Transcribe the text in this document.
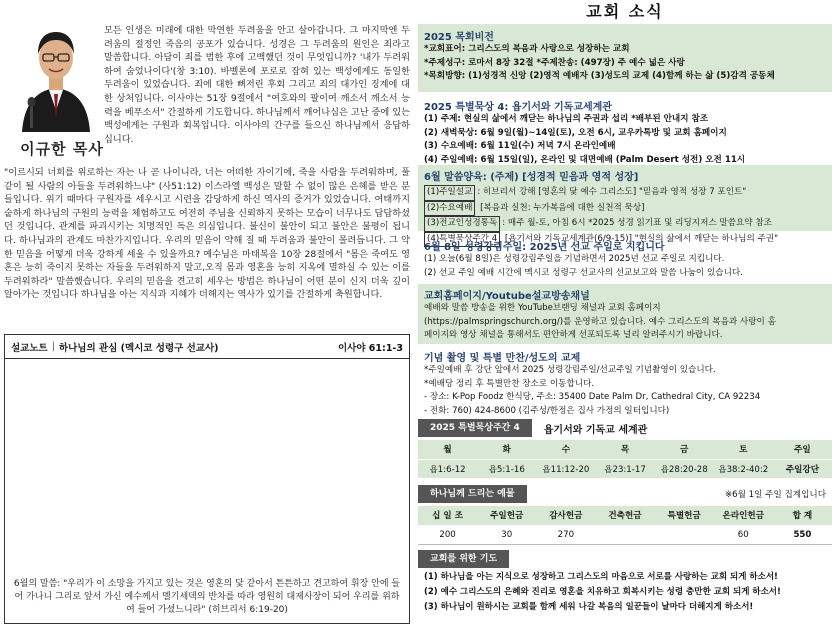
이규한 목사
모든 인생은 미래에 대한 막연한 두려움을 안고 살아갑니다. 그 마지막엔 두려움의 절정인 죽음의 공포가 있습니다. 성경은 그 두려움의 원인은 죄라고 말씀합니다. 아담이 죄를 범한 후에 고백했던 것이 무엇입니까? '내가 두려워하여 숨었나이다'(창 3:10). 바벨론에 포로로 잡혀 있는 백성에게도 동일한 두려움이 있었습니다. 죄에 대한 뼈저린 후회 그리고 죄의 대가인 징계에 대한 상처입니다. 이사야는 51장 9절에서 "여호와의 팔이여 깨소서 깨소서 능력을 베푸소서" 간절하게 기도합니다. 하나님께서 깨어나심은 고난 중에 있는 백성에게는 구원과 회복입니다. 이사야의 간구를 들으신 하나님께서 응답하십니다.
"이르시되 너희를 위로하는 자는 나 곧 나이니라, 너는 어떠한 자이기에, 죽을 사람을 두려워하며, 풀 같이 될 사람의 아들을 두려워하느냐" (사51:12) 이스라엘 백성은 말할 수 없이 많은 은혜를 받은 분들입니다. 위기 때마다 구원자를 세우시고 시련을 감당하게 하신 역사의 증거가 있었습니다. 여태까지 숱하게 하나님의 구원의 능력을 체험하고도 여전히 주님을 신뢰하지 못하는 모습이 너무나도 답답하셨던 것입니다. 관계를 파괴시키는 치명적인 독은 의심입니다. 불신이 불안이 되고 불안은 불평이 됩니다. 하나님과의 관계도 마찬가지입니다. 우리의 믿음이 약해 질 때 두려움과 불안이 몰려듭니다. 그 약한 믿음을 어떻게 더욱 강하게 세울 수 있을까요? 예수님은 마태복음 10장 28절에서 "몸은 죽여도 영혼은 능히 죽이지 못하는 자들을 두려워하지 말고,오직 몸과 영혼을 능히 지옥에 멸하실 수 있는 이를 두려워하라" 말씀했습니다. 우리의 믿음을 견고히 세우는 방법은 하나님이 어떤 분이 신지 더욱 깊이 알아가는 것입니다 하나님을 아는 지식과 지혜가 더해지는 역사가 있기를 간절하게 축원합니다.
설교노트 | 하나님의 관심 (멕시코 성령구 선교사)	이사야 61:1-3
6월의 말씀: "우리가 이 소망을 가지고 있는 것은 영혼의 닻 같아서 튼튼하고 견고하여 휘장 안에 들어 가나니 그리로 앞서 가신 예수께서 멜기세덱의 반차를 따라 영원히 대제사장이 되어 우리를 위하여 들어 가셨느니라" (히브리서 6:19-20)
교회 소식
2025 목회비전
*교회표어: 그리스도의 복음과 사랑으로 성장하는 교회
*주제성구: 로마서 8장 32절 *주제찬송: (497장) 주 예수 넓은 사랑
*목회방향: (1)성경적 신앙 (2)영적 예배자 (3)성도의 교제 (4)함께 하는 삶 (5)감격 공동체
2025 특별묵상 4: 욥기서와 기독교세계관
(1) 주제: 현실의 삶에서 깨닫는 하나님의 주권과 섭리 *배부된 안내지 참조
(2) 새벽묵상: 6월 9일(월)~14일(토), 오전 6시, 교우카톡방 및 교회 홈페이지
(3) 수요예배: 6월 11일(수) 저녁 7시 온라인예배
(4) 주일예배: 6월 15일(일), 온라인 및 대면예배 (Palm Desert 성전) 오전 11시
6월 말씀양육: (주제) [성경적 믿음과 영적 성장]
(1)주일설교 : 히브리서 강해 [영혼의 닻 예수 그리스도] "믿음과 영적 성장 7 포인트"
(2)수요예배 [복음과 실천: 누가복음에 대한 실천적 묵상]
(3)전교인성경통독 : 매주 월-토, 아침 6시 *2025 성경 읽기표 및 리딩지저스 말씀요약 참조
(4)특별묵상주간 4 [욥기서와 기독교세계관(6/9-15)] "현실의 삶에서 깨닫는 하나님의 주권"
6월 8일 성령강림주일: 2025년 선교 주일로 지킵니다
(1) 오늘(6월 8일)은 성령강림주일을 기념하면서 2025년 선교 주일로 지킵니다.
(2) 선교 주일 예배 시간에 멕시코 성령구 선교사의 선교보고와 말씀 나눔이 있습니다.
교회홈페이지/Youtube설교방송채널
예배와 말씀 방송을 위한 YouTube브랜딩 채널과 교회 홈페이지
(https://palmspringschurch.org/)를 운영하고 있습니다. 예수 그리스도의 복음과 사랑이 홈
페이지와 영상 채널을 통해서도 편안하게 선포되도록 널리 알려주시기 바랍니다.
기념 촬영 및 특별 만찬/성도의 교제
*주일예배 후 강단 앞에서 2025 성령강림주일/선교주일 기념촬영이 있습니다.
*예배당 정리 후 특별만찬 장소로 이동합니다.
- 장소: K-Pop Foodz 한식당, 주소: 35400 Date Palm Dr, Cathedral City, CA 92234
- 전화: 760) 424-8600 (김주성/한정은 집사 가정의 일터입니다)
2025 특별묵상주간 4	욥기서와 기독교 세계관
월	화	수	목	금	토	주일
욥1:6-12	욥5:1-16	욥11:12-20	욥23:1-17	욥28:20-28	욥38:2-40:2	주일강단
하나님께 드리는 예물	※6월 1일 주일 집계입니다
십 일 조	주일헌금	감사헌금	건축헌금	특별헌금	온라인헌금	합 계
200	30	270			60	550
교회를 위한 기도
(1) 하나님을 아는 지식으로 성장하고 그리스도의 마음으로 서로를 사랑하는 교회 되게 하소서!
(2) 예수 그리스도의 은혜와 진리로 영혼을 치유하고 회복시키는 성령 충만한 교회 되게 하소서!
(3) 하나님이 원하시는 교회를 함께 세워 나갈 복음의 일꾼들이 날마다 더해지게 하소서!
